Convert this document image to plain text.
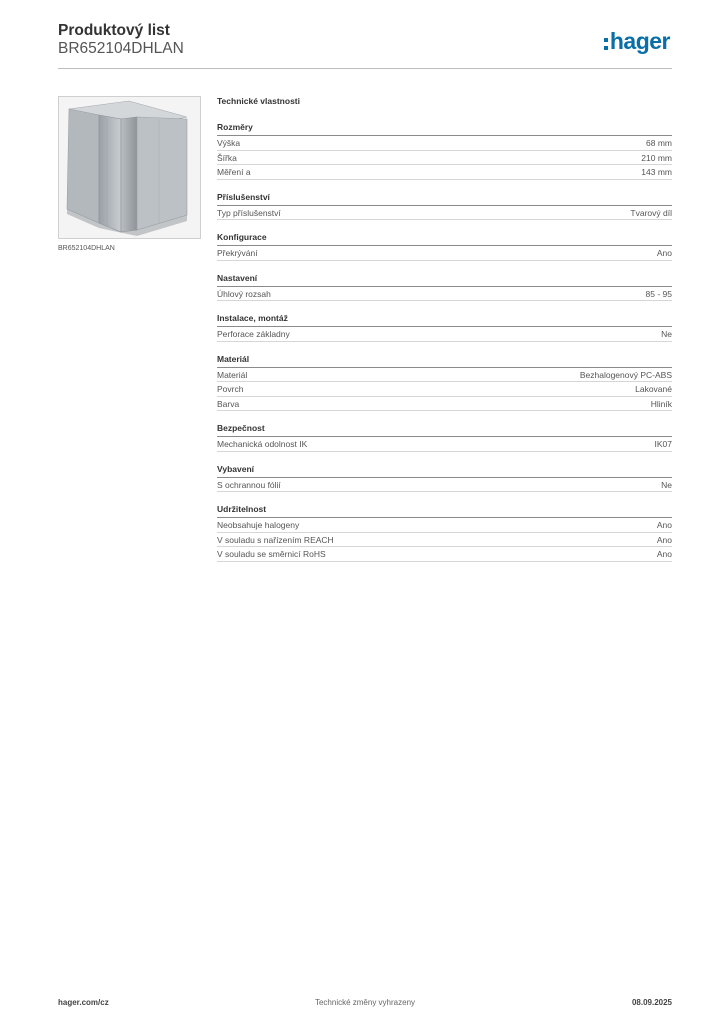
Produktový list
BR652104DHLAN	hager
BR652104DHLAN
Technické vlastnosti
Rozměry
Výška	68 mm
Šířka	210 mm
Měření a	143 mm
Příslušenství
Typ příslušenství	Tvarový díl
Konfigurace
Překrývání	Ano
Nastavení
Úhlový rozsah	85 - 95
Instalace, montáž
Perforace základny	Ne
Materiál
Materiál	Bezhalogenový PC-ABS
Povrch	Lakované
Barva	Hliník
Bezpečnost
Mechanická odolnost IK	IK07
Vybavení
S ochrannou fólií	Ne
Udržitelnost
Neobsahuje halogeny	Ano
V souladu s nařízením REACH	Ano
V souladu se směrnicí RoHS	Ano
Technické změny vyhrazeny
hager.com/cz	08.09.2025
